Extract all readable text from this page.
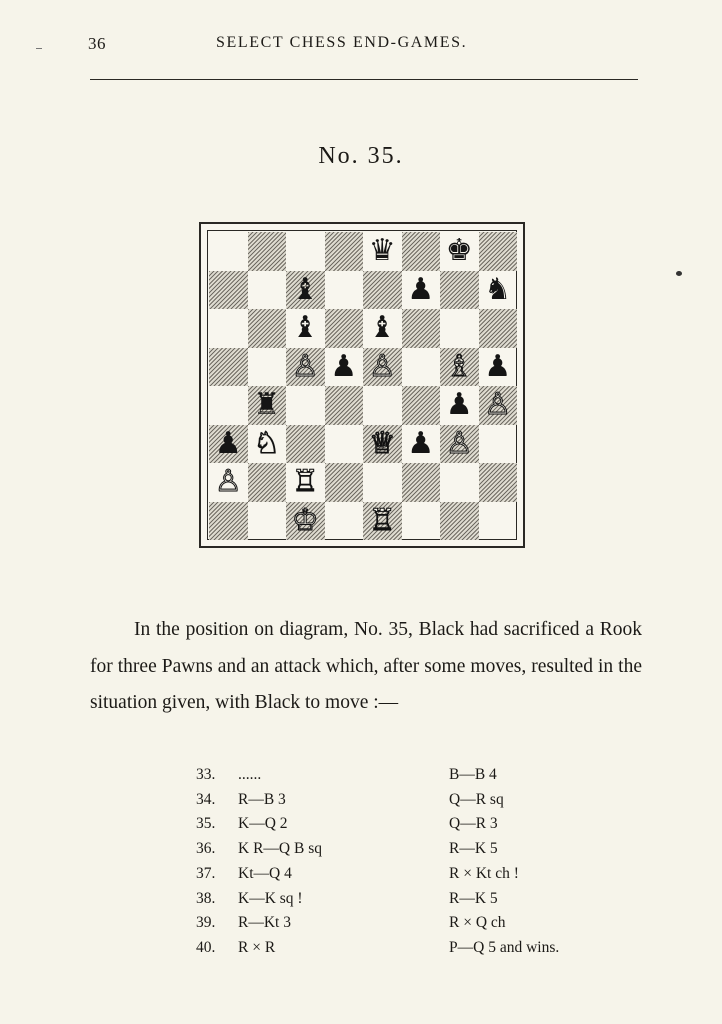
36	SELECT CHESS END-GAMES.
No. 35.
♛ ♚
♝	♟ ♞
♝ ♝
♙ ♟ ♙ ♗ ♟
♜	♟ ♙
♟ ♘	♕ ♟ ♙
♙ ♖
♔ ♖

In the position on diagram, No. 35, Black had sacrificed a Rook for three Pawns and an attack which, after some moves, resulted in the situation given, with Black to move :—

33. ......	B—B 4
34. R—B 3	Q—R sq
35. K—Q 2	Q—R 3
36. K R—Q B sq	R—K 5
37. Kt—Q 4	R × Kt ch !
38. K—K sq !	R—K 5
39. R—Kt 3	R × Q ch
40. R × R	P—Q 5 and wins.
